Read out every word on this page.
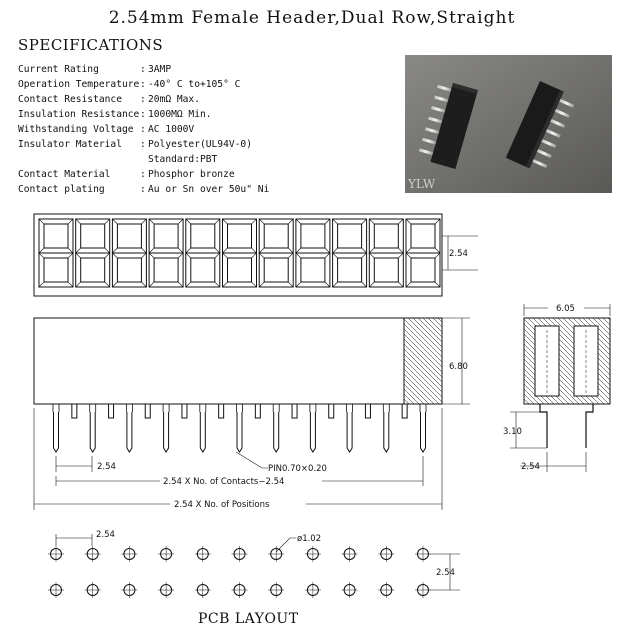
2.54mm Female Header,Dual Row,Straight
SPECIFICATIONS
Current Rating	: 3AMP
Operation Temperature : -40° C to+105° C
Contact Resistance	: 20mΩ Max.
Insulation Resistance : 1000MΩ Min.
Withstanding Voltage : AC 1000V
Insulator Material	: Polyester(UL94V-0)

Standard:PBT
Contact Material	: Phosphor bronze
Contact plating	: Au or Sn over 50u" Ni	YLW
2.54
6.80
6.05
3.10
2.54
2.54	PIN0.70×0.20
2.54 X No. of Contacts−2.54
2.54 X No. of Positions
2.54	ø1.02
2.54
PCB LAYOUT
